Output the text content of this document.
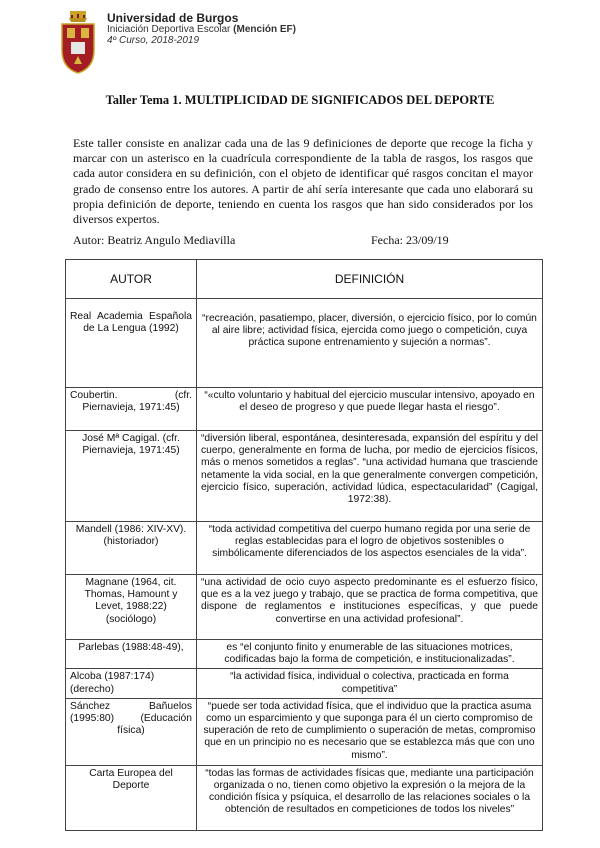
Universidad de Burgos
Iniciación Deportiva Escolar (Mención EF)
4º Curso, 2018-2019
Taller Tema 1. MULTIPLICIDAD DE SIGNIFICADOS DEL DEPORTE

Este taller consiste en analizar cada una de las 9 definiciones de deporte que recoge la ficha y marcar con un asterisco en la cuadrícula correspondiente de la tabla de rasgos, los rasgos que cada autor considera en su definición, con el objeto de identificar qué rasgos concitan el mayor grado de consenso entre los autores. A partir de ahí sería interesante que cada uno elaborará su propia definición de deporte, teniendo en cuenta los rasgos que han sido considerados por los diversos expertos.

Autor: Beatriz Angulo Mediavilla	Fecha: 23/09/19
AUTOR	DEFINICIÓN
Real Academia Española de La Lengua (1992)	“recreación, pasatiempo, placer, diversión, o ejercicio físico, por lo común al aire libre; actividad física, ejercida como juego o competición, cuya práctica supone entrenamiento y sujeción a normas”.
Coubertin. (cfr. Piernavieja, 1971:45)	“«culto voluntario y habitual del ejercicio muscular intensivo, apoyado en el deseo de progreso y que puede llegar hasta el riesgo”.
José Mª Cagigal. (cfr. Piernavieja, 1971:45)	“diversión liberal, espontánea, desinteresada, expansión del espíritu y del cuerpo, generalmente en forma de lucha, por medio de ejercicios físicos, más o menos sometidos a reglas”. “una actividad humana que trasciende netamente la vida social, en la que generalmente convergen competición, ejercicio físico, superación, actividad lúdica, espectacularidad” (Cagigal, 1972:38).
Mandell (1986: XIV-XV). (historiador)	“toda actividad competitiva del cuerpo humano regida por una serie de reglas establecidas para el logro de objetivos sostenibles o simbólicamente diferenciados de los aspectos esenciales de la vida”.
Magnane (1964, cit. Thomas, Hamount y Levet, 1988:22) (sociólogo)	“una actividad de ocio cuyo aspecto predominante es el esfuerzo físico, que es a la vez juego y trabajo, que se practica de forma competitiva, que dispone de reglamentos e instituciones específicas, y que puede convertirse en una actividad profesional”.
Parlebas (1988:48-49),	es “el conjunto finito y enumerable de las situaciones motrices, codificadas bajo la forma de competición, e institucionalizadas”.
Alcoba (1987:174) (derecho)	“la actividad física, individual o colectiva, practicada en forma competitiva”
Sánchez Bañuelos (1995:80) (Educación física)	“puede ser toda actividad física, que el individuo que la practica asuma como un esparcimiento y que suponga para él un cierto compromiso de superación de reto de cumplimiento o superación de metas, compromiso que en un principio no es necesario que se establezca más que con uno mismo”.
Carta Europea del Deporte	“todas las formas de actividades físicas que, mediante una participación organizada o no, tienen como objetivo la expresión o la mejora de la condición física y psíquica, el desarrollo de las relaciones sociales o la obtención de resultados en competiciones de todos los niveles”
